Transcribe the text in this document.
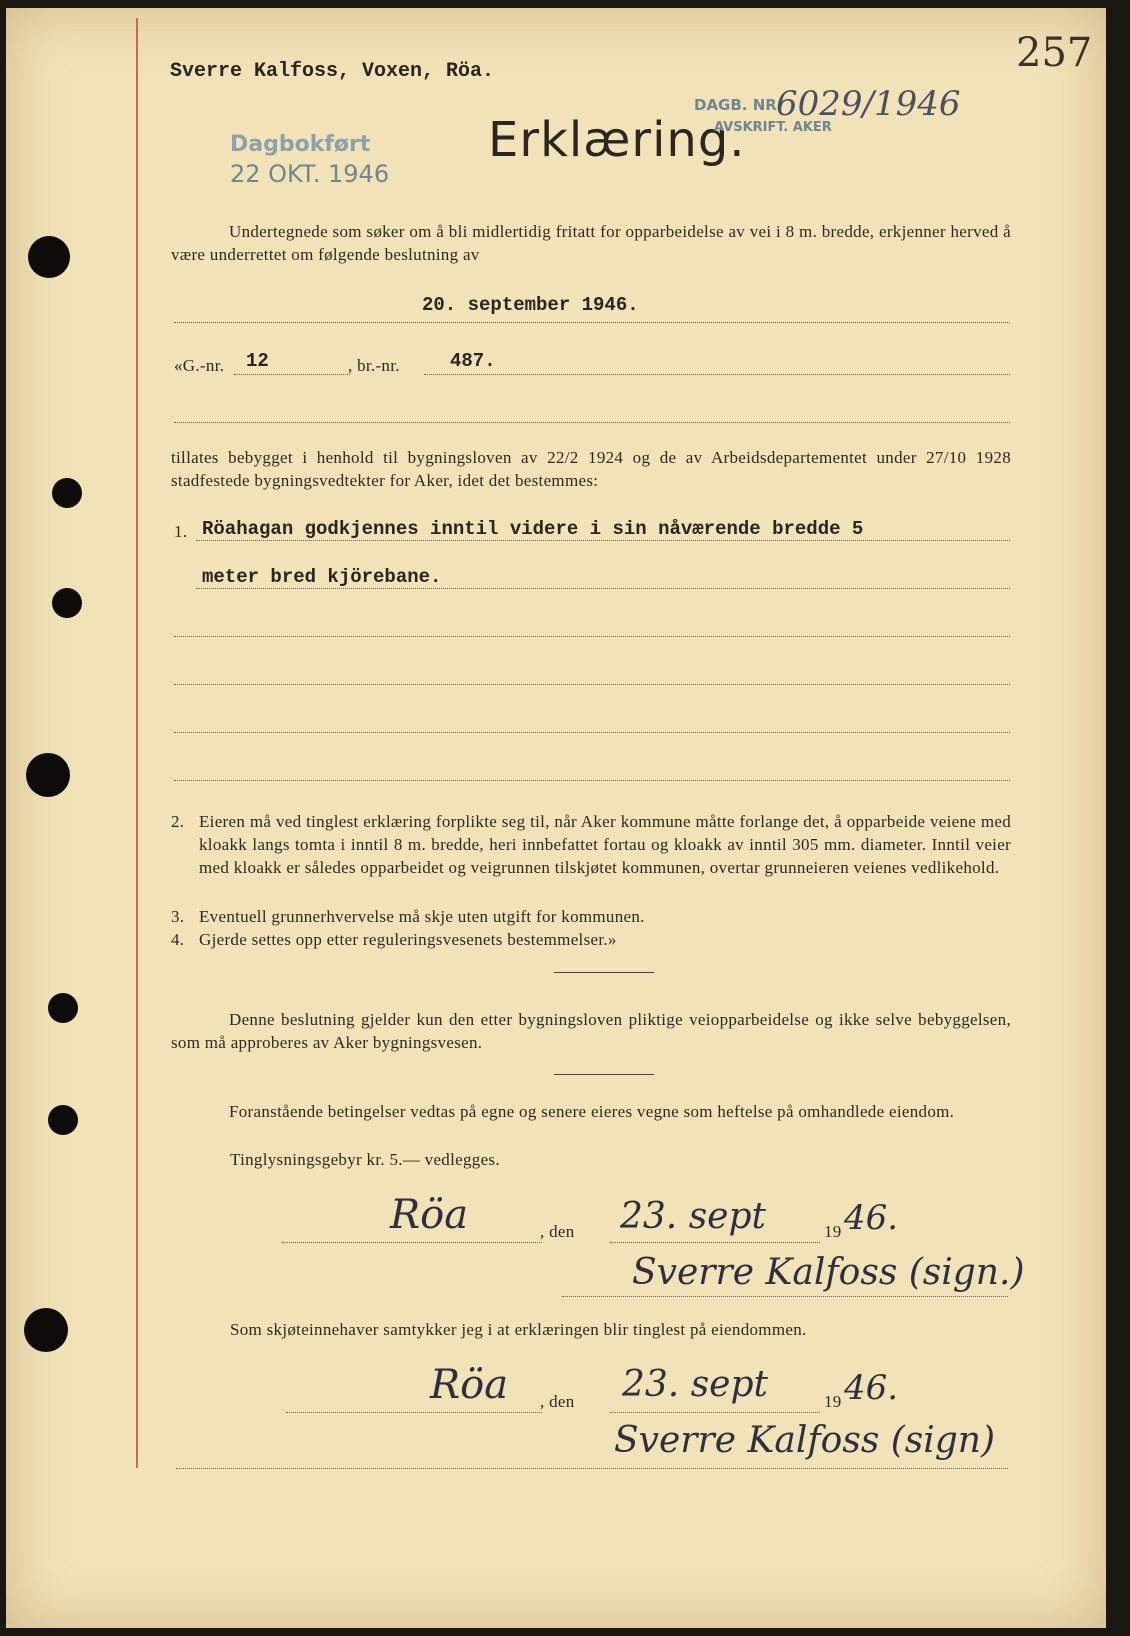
Sverre Kalfoss, Voxen, Röa.	257
Dagbokført
22 OKT. 1946
Erklæring.
DAGB. NR.
6029/1946
AVSKRIFT. AKER
Undertegnede som søker om å bli midlertidig fritatt for opparbeidelse av vei i 8 m. bredde, erkjenner herved å være underrettet om følgende beslutning av
20. september 1946.
«G.-nr. 12	, br.-nr.	487.
tillates bebygget i henhold til bygningsloven av 22/2 1924 og de av Arbeidsdepartementet under 27/10 1928 stadfestede bygningsvedtekter for Aker, idet det bestemmes:
1. Röahagan godkjennes inntil videre i sin nåværende bredde 5
meter bred kjörebane.
2. Eieren må ved tinglest erklæring forplikte seg til, når Aker kommune måtte forlange det, å opparbeide veiene med kloakk langs tomta i inntil 8 m. bredde, heri innbefattet fortau og kloakk av inntil 305 mm. diameter. Inntil veier med kloakk er således opparbeidet og veigrunnen tilskjøtet kommunen, overtar grunneieren veienes vedlikehold.
3. Eventuell grunnerhvervelse må skje uten utgift for kommunen.
4. Gjerde settes opp etter reguleringsvesenets bestemmelser.»
Denne beslutning gjelder kun den etter bygningsloven pliktige veiopparbeidelse og ikke selve bebyggelsen, som må approberes av Aker bygningsvesen.
Foranstående betingelser vedtas på egne og senere eieres vegne som heftelse på omhandlede eiendom.
Tinglysningsgebyr kr. 5.— vedlegges.
Röa	, den 23. sept	19 46.
Sverre Kalfoss (sign.)
Som skjøteinnehaver samtykker jeg i at erklæringen blir tinglest på eiendommen.
Röa , den 23. sept	19 46.
Sverre Kalfoss (sign)
